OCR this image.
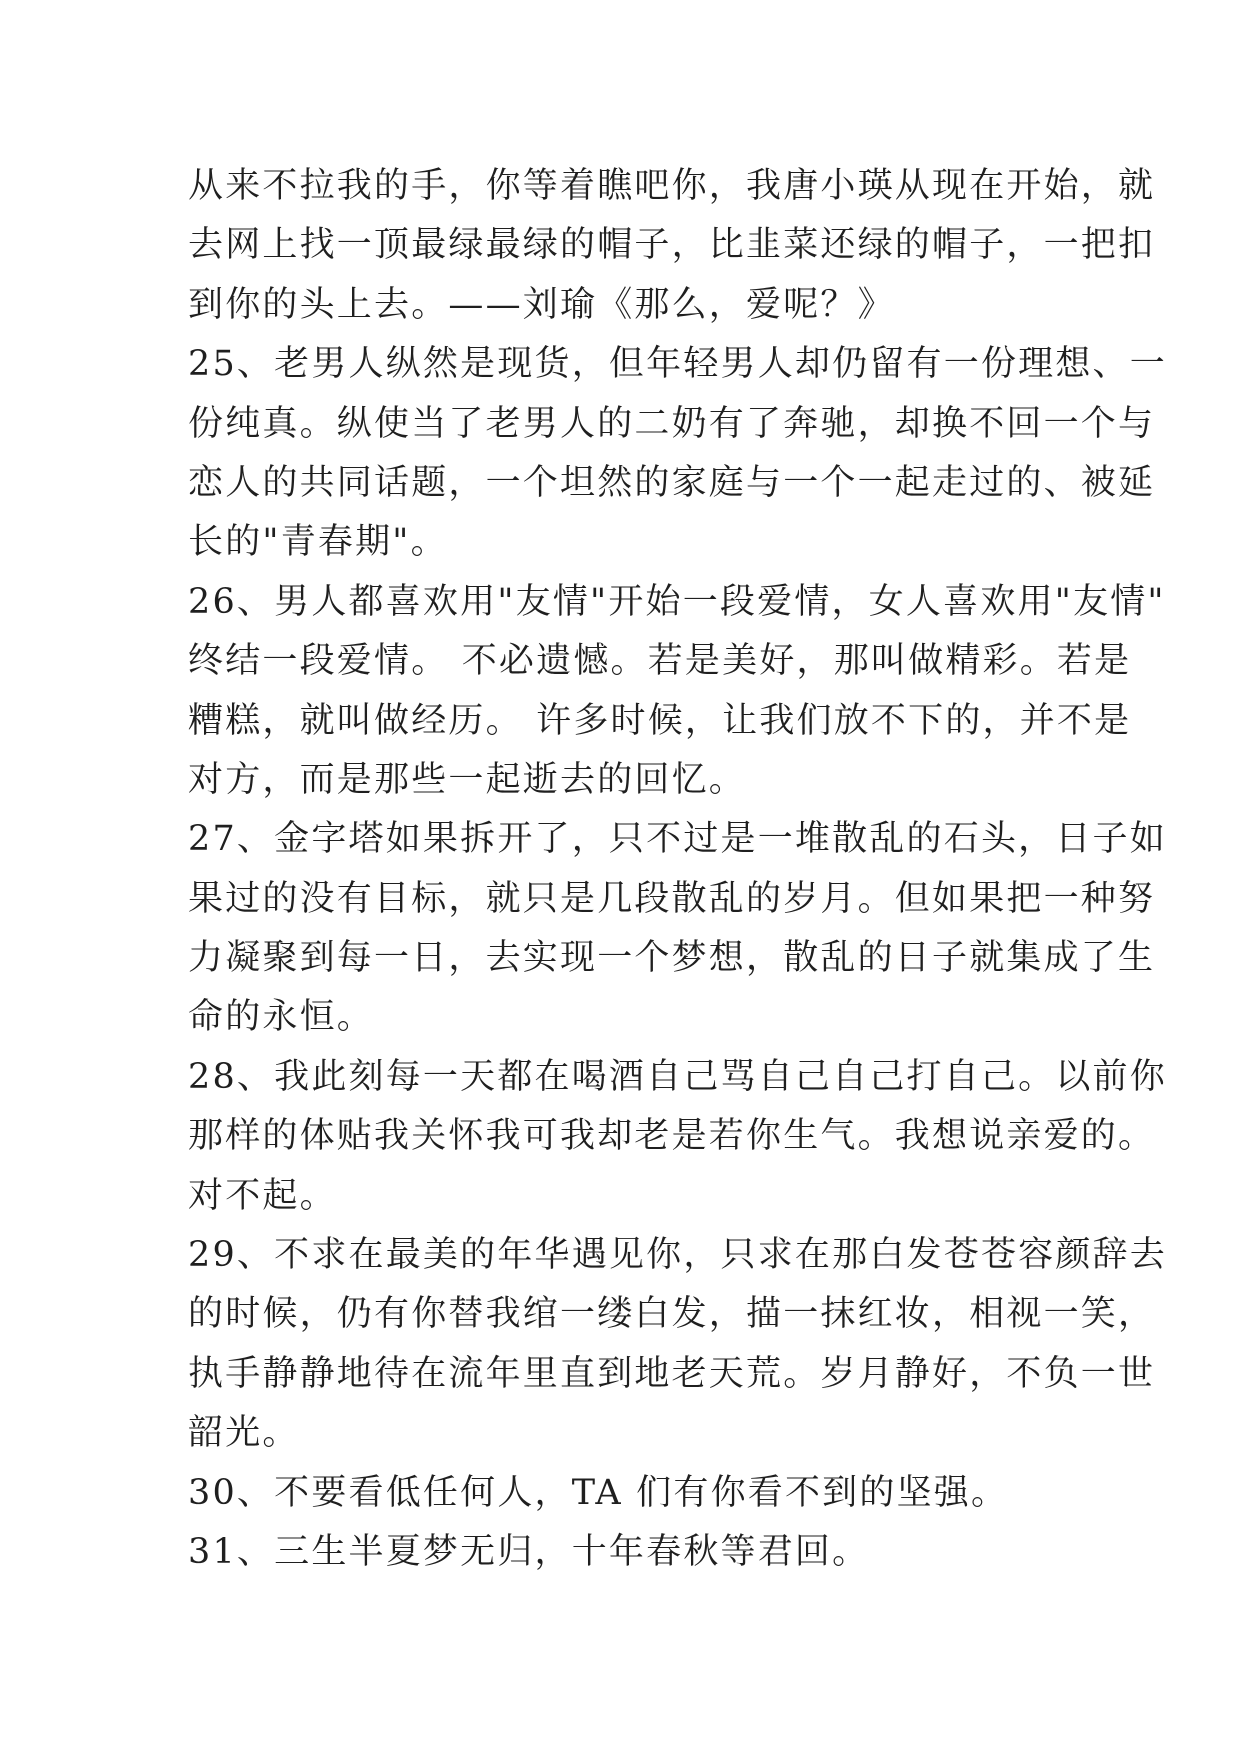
从来不拉我的手，你等着瞧吧你，我唐小瑛从现在开始，就
去网上找一顶最绿最绿的帽子，比韭菜还绿的帽子，一把扣
到你的头上去。——刘瑜《那么，爱呢？》
25、老男人纵然是现货，但年轻男人却仍留有一份理想、一
份纯真。纵使当了老男人的二奶有了奔驰，却换不回一个与
恋人的共同话题，一个坦然的家庭与一个一起走过的、被延
长的"青春期"。
26、男人都喜欢用"友情"开始一段爱情，女人喜欢用"友情"
终结一段爱情。 不必遗憾。若是美好，那叫做精彩。若是
糟糕，就叫做经历。 许多时候，让我们放不下的，并不是
对方，而是那些一起逝去的回忆。
27、金字塔如果拆开了，只不过是一堆散乱的石头，日子如
果过的没有目标，就只是几段散乱的岁月。但如果把一种努
力凝聚到每一日，去实现一个梦想，散乱的日子就集成了生
命的永恒。
28、我此刻每一天都在喝酒自己骂自己自己打自己。以前你
那样的体贴我关怀我可我却老是若你生气。我想说亲爱的。
对不起。
29、不求在最美的年华遇见你，只求在那白发苍苍容颜辞去
的时候，仍有你替我绾一缕白发，描一抹红妆，相视一笑，
执手静静地待在流年里直到地老天荒。岁月静好，不负一世
韶光。
30、不要看低任何人，TA 们有你看不到的坚强。
31、三生半夏梦无归，十年春秋等君回。
